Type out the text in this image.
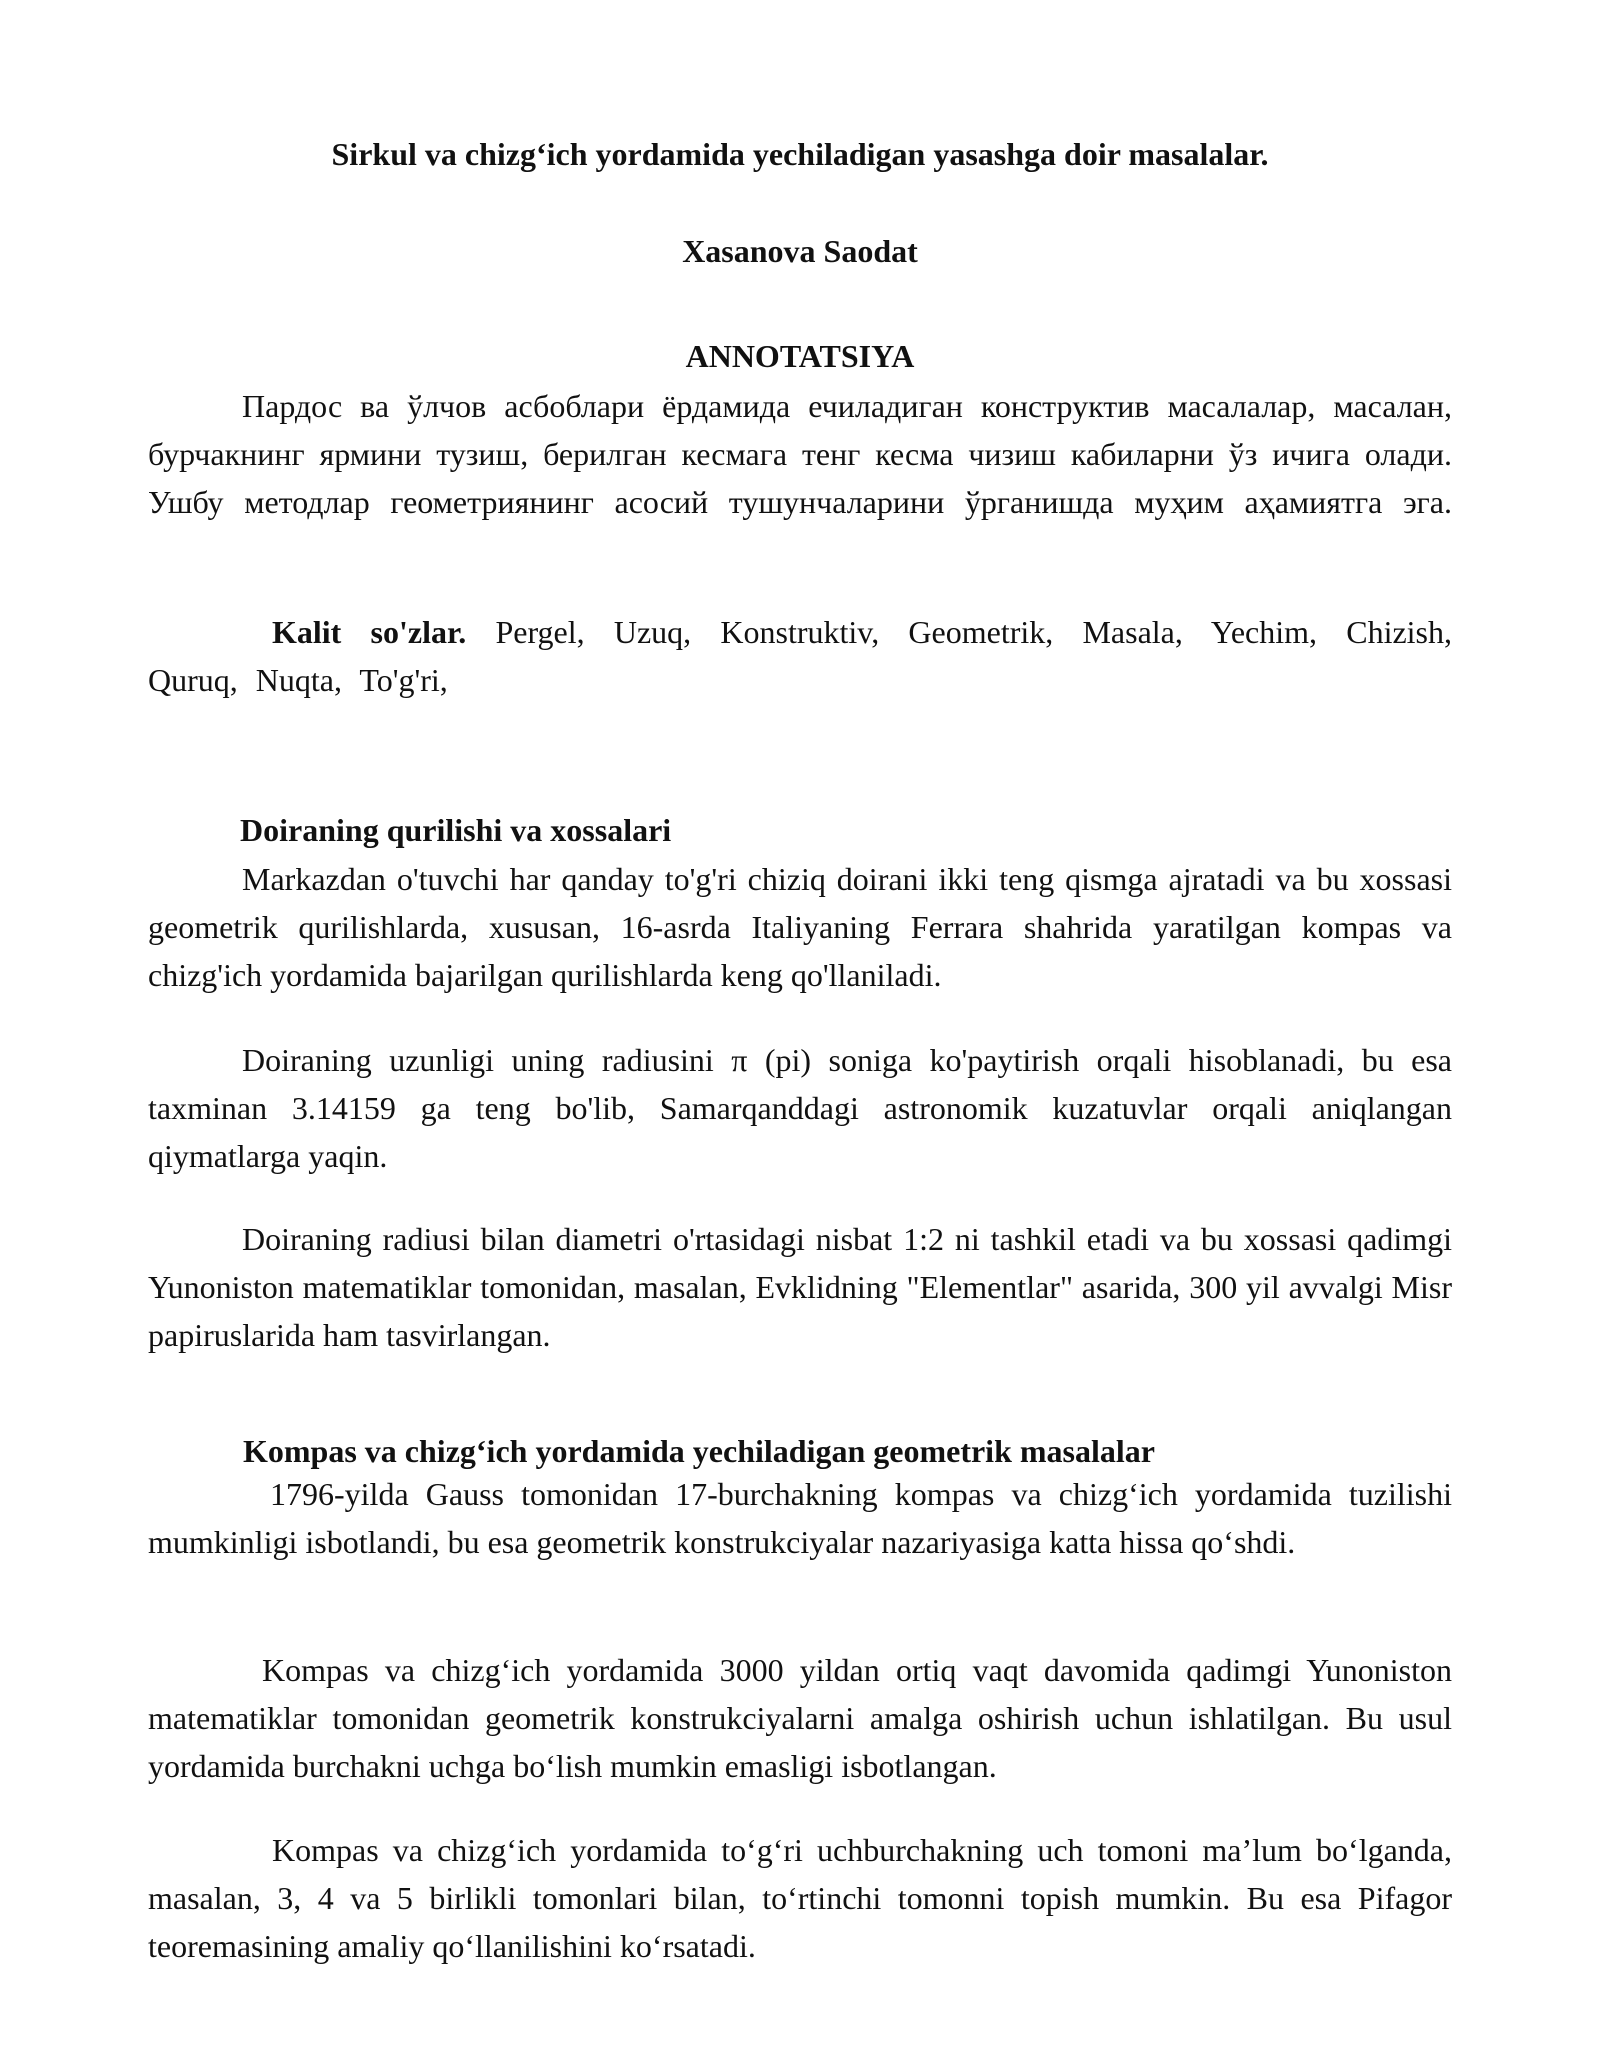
Sirkul va chizg‘ich yordamida yechiladigan yasashga doir masalalar.
Xasanova Saodat
ANNOTATSIYA

Пардос ва ўлчов асбоблари ёрдамида ечиладиган конструктив масалалар, масалан, бурчакнинг ярмини тузиш, берилган кесмага тенг кесма чизиш кабиларни ўз ичига олади. Ушбу методлар геометриянинг асосий тушунчаларини ўрганишда муҳим аҳамиятга эга.

Kalit so'zlar. Pergel, Uzuq, Konstruktiv, Geometrik, Masala, Yechim, Chizish, Quruq, Nuqta, To'g'ri,

Doiraning qurilishi va xossalari

Markazdan o'tuvchi har qanday to'g'ri chiziq doirani ikki teng qismga ajratadi va bu xossasi geometrik qurilishlarda, xususan, 16-asrda Italiyaning Ferrara shahrida yaratilgan kompas va chizg'ich yordamida bajarilgan qurilishlarda keng qo'llaniladi.

Doiraning uzunligi uning radiusini π (pi) soniga ko'paytirish orqali hisoblanadi, bu esa taxminan 3.14159 ga teng bo'lib, Samarqanddagi astronomik kuzatuvlar orqali aniqlangan qiymatlarga yaqin.

Doiraning radiusi bilan diametri o'rtasidagi nisbat 1:2 ni tashkil etadi va bu xossasi qadimgi Yunoniston matematiklar tomonidan, masalan, Evklidning "Elementlar" asarida, 300 yil avvalgi Misr papiruslarida ham tasvirlangan.

Kompas va chizg‘ich yordamida yechiladigan geometrik masalalar

1796-yilda Gauss tomonidan 17-burchakning kompas va chizg‘ich yordamida tuzilishi mumkinligi isbotlandi, bu esa geometrik konstrukciyalar nazariyasiga katta hissa qo‘shdi.

Kompas va chizg‘ich yordamida 3000 yildan ortiq vaqt davomida qadimgi Yunoniston matematiklar tomonidan geometrik konstrukciyalarni amalga oshirish uchun ishlatilgan. Bu usul yordamida burchakni uchga bo‘lish mumkin emasligi isbotlangan.

Kompas va chizg‘ich yordamida to‘g‘ri uchburchakning uch tomoni ma’lum bo‘lganda, masalan, 3, 4 va 5 birlikli tomonlari bilan, to‘rtinchi tomonni topish mumkin. Bu esa Pifagor teoremasining amaliy qo‘llanilishini ko‘rsatadi.
